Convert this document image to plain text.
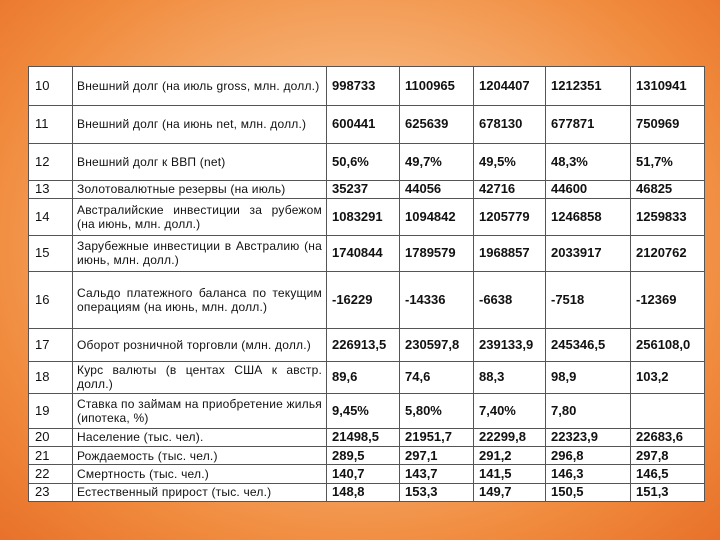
10	Внешний долг (на июль gross, млн. долл.)	998733	1100965	1204407	1212351	1310941
11	Внешний долг (на июнь net, млн. долл.)	600441	625639	678130	677871	750969
12	Внешний долг к ВВП (net)	50,6%	49,7%	49,5%	48,3%	51,7%
13	Золотовалютные резервы (на июль)	35237	44056	42716	44600	46825
14	Австралийские инвестиции за рубежом (на июнь, млн. долл.)	1083291	1094842	1205779	1246858	1259833
15	Зарубежные инвестиции в Австралию (на июнь, млн. долл.)	1740844	1789579	1968857	2033917	2120762
16	Сальдо платежного баланса по текущим операциям (на июнь, млн. долл.)	-16229	-14336	-6638	-7518	-12369
17	Оборот розничной торговли (млн. долл.)	226913,5	230597,8	239133,9	245346,5	256108,0
18	Курс валюты (в центах США к австр. долл.)	89,6	74,6	88,3	98,9	103,2
19	Ставка по займам на приобретение жилья (ипотека, %)	9,45%	5,80%	7,40%	7,80	
20	Население (тыс. чел).	21498,5	21951,7	22299,8	22323,9	22683,6
21	Рождаемость (тыс. чел.)	289,5	297,1	291,2	296,8	297,8
22	Смертность (тыс. чел.)	140,7	143,7	141,5	146,3	146,5
23	Естественный прирост (тыс. чел.)	148,8	153,3	149,7	150,5	151,3
